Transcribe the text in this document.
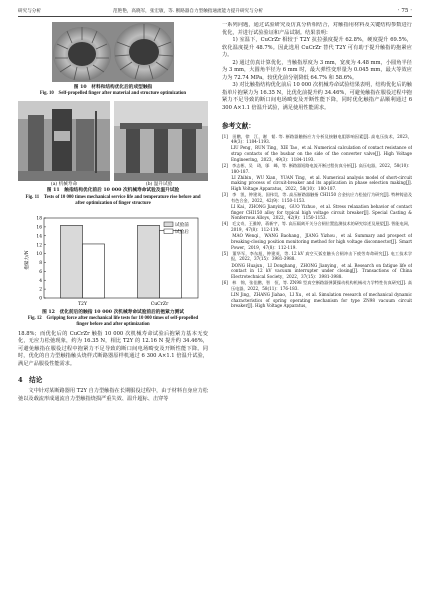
研究与分析	范艳艳，高晓军，张宏敏，等. 断路器自力型触指通流能力提升研究与分析	· 75 ·
图 10　材料和结构优化后的成型触指
Fig. 10　Self-propelled finger after material and structure optimization
(a) 机械寿命	(b) 温升试验
图 11　触指结构优化前后 10 000 次机械寿命试验及温升试验
Fig. 11　Tests of 10 000 times mechanical service life and temperature rise before and after optimization of finger structure
抱紧力/N
0
2
4
6
8
10
12
14
16
18
T2Y	CuCrZr
试验前
试验后
图 12　优化前后的触指 10 000 次机械寿命试验前后的抱紧力测试
Fig. 12　Gripping force after mechanical life tests for 10 000 times of self-propelled finger before and after optimization
18.8%；而优化后的 CuCrZr 触指 10 000 次机械寿命试验后抱紧力基本无变化，无应力松弛现象，约为 16.35 N，相比 T2Y 的 12.16 N 提升约 34.46%，可避免触指在服役过程中抱紧力不足导致的断口间电场畸变及开断性能下降。同时，优化的自力型触指触头烧样式断路器原样机通过 6 300 A×1.1 倍温升试验，满足产品服役性能需求。
4　结论
文中针对某断路器用 T2Y 自力型触指在长期服役过程中，由于材料自身应力松弛以及载流形成通流自力型触指烧损严重失效、温升超标、击穿等
一系列问题，通过试验研究及仿真分析相结合，对触指用材料及关键结构参数进行优化，并进行试验验证和产品试制。结果表明：
1) 室温下，CuCrZr 相较于 T2Y 抗拉强度提升 62.8%，硬度提升 69.5%，软化温度提升 48.7%。因此选用 CuCrZr 替代 T2Y 可有助于提升触指的抱紧应力。
2) 通过仿真计算优化，当触指厚度为 3 mm，宽度为 4.48 mm，小圆角半径为 3 mm，大圆角半径为 6 mm 时，最大弹性变形量为 0.045 mm，最大等效应力为 72.74 MPa，较优化前分别降低 64.7% 和 58.6%。
3) 对比触指结构优化前后 10 000 次机械寿命试验结果表明，结构优化后的触指单片抱紧力为 16.35 N，比优化前提升约 34.46%，可避免触指在服役过程中抱紧力不足导致的断口间电场畸变及开断性能下降，同时优化触指产品顺利通过 6 300 A×1.1 倍温升试验，满足使用性能需求。
参考文献：
[1]　田鹏，徐　江，谢　韬. 等. 断路器触指应力分析及接触电阻影响因素[J]. 高电压技术，2023，49(3)：1184-1193.
　　LIU Peng，RUN Ting，XIE Tao，et al. Numerical calculation of contact resistance of strap contacts of the busbar on the side of the converter valve[J]. High Voltage Engineering，2023，49(3)：1184-1193.
[2]　李志彬，吴　琦，邬　峰，等. 断路器短路电流开断过程仿真分析[J]. 高压电器，2022，58(10)：180-187.
　　LI Zhibin，WU Xian，YUAN Ting，et al. Numerical analysis model of short-circuit making process of circuit-breaker and its application in phase selection making[J]. High Voltage Apparatus，2022，58(10)：180-187.
[3]　李　凯，钟建英，国伟昊，等. 高压断路器触指 CHI150 合金抗应力松弛行为研究[J]. 特种铸造及有色合金，2022，42(9)：1150-1153.
　　LI Kai，ZHONG Jianying，GUO Yizhuo，et al. Stress relaxation behavior of contact finger CHI150 alloy for typical high voltage circuit breaker[J]. Special Casting & Nonferrous Alloys，2022，42(9)：1150-1153.
[4]　毛文奇，王雅婷，蒋新宇，等. 高压隔离开关分合闸位置监测技术的研究综述及展望[J]. 智能电网，2019，47(8)：112-119.
　　MAO Wenqi，WANG Baohang，JIANG Yizhou，et al. Summary and prospect of breaking-closing position monitoring method for high voltage disconnector[J]. Smart Power，2019，47(8)：112-119.
[5]　董华军，李东旭，钟建英，等. 12 kV 真空灭弧室触头合闸冲击下疲劳寿命研究[J]. 电工技术学报，2022，37(15)：3981-3988.
　　DONG Huajun，LI Donghang，ZHONG Jianying，et al. Research on fatigue life of contact in 12 kV vacuum interrupter under closing[J]. Transactions of China Electrotechnical Society，2022，37(15)：3981-3988.
[6]　林　锦，张佳鹏，智　恒，等. ZN98 型真空断路器弹簧操动机构机械动力学特性仿真研究[J]. 高压电器，2022，58(11)：176-183.
　　LIN Jing，ZHANG Jiahao，LI Xu，et al. Simulation research of mechanical dynamic characteristics of spring operating mechanism for type ZN98 vacuum circuit breaker[J]. High Voltage Apparatus，
